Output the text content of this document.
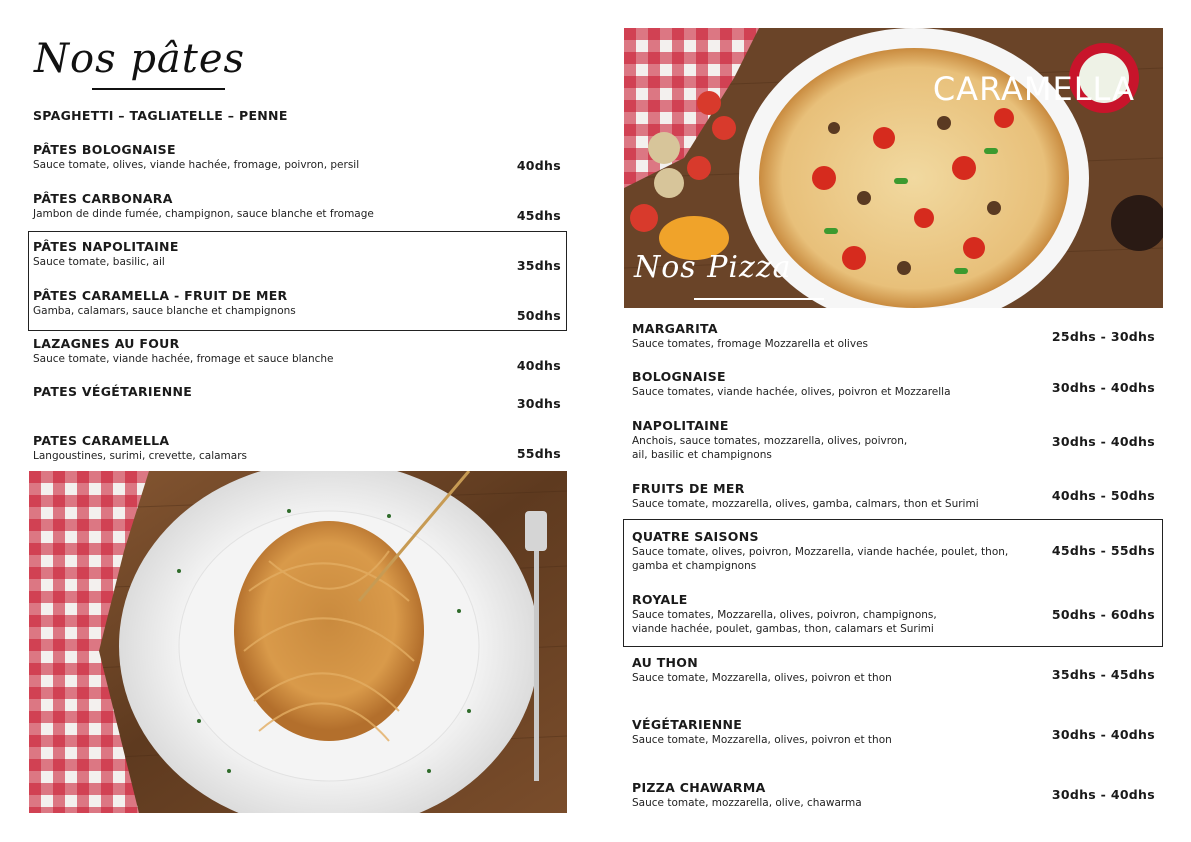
Nos pâtes
SPAGHETTI – TAGLIATELLE – PENNE
PÂTES BOLOGNAISE
Sauce tomate, olives, viande hachée, fromage, poivron, persil	40dhs
PÂTES CARBONARA
Jambon de dinde fumée, champignon, sauce blanche et fromage	45dhs
PÂTES NAPOLITAINE
Sauce tomate, basilic, ail	35dhs
PÂTES CARAMELLA - FRUIT DE MER
Gamba, calamars, sauce blanche et champignons	50dhs
LAZAGNES AU FOUR
Sauce tomate, viande hachée, fromage et sauce blanche	40dhs
PATES VÉGÉTARIENNE
30dhs
PATES CARAMELLA
Langoustines, surimi, crevette, calamars	55dhs
CARAMELLA
Nos Pizza
MARGARITA
Sauce tomates, fromage Mozzarella et olives	25dhs - 30dhs
BOLOGNAISE
Sauce tomates, viande hachée, olives, poivron et Mozzarella	30dhs - 40dhs
NAPOLITAINE
Anchois, sauce tomates, mozzarella, olives, poivron,
ail, basilic et champignons
30dhs - 40dhs
FRUITS DE MER
Sauce tomate, mozzarella, olives, gamba, calmars, thon et Surimi
40dhs - 50dhs
QUATRE SAISONS
Sauce tomate, olives, poivron, Mozzarella, viande hachée, poulet, thon,
gamba et champignons
45dhs - 55dhs
ROYALE
Sauce tomates, Mozzarella, olives, poivron, champignons,
viande hachée, poulet, gambas, thon, calamars et Surimi
50dhs - 60dhs
AU THON
Sauce tomate, Mozzarella, olives, poivron et thon	35dhs - 45dhs
VÉGÉTARIENNE
Sauce tomate, Mozzarella, olives, poivron et thon	30dhs - 40dhs
PIZZA CHAWARMA
Sauce tomate, mozzarella, olive, chawarma
30dhs - 40dhs
